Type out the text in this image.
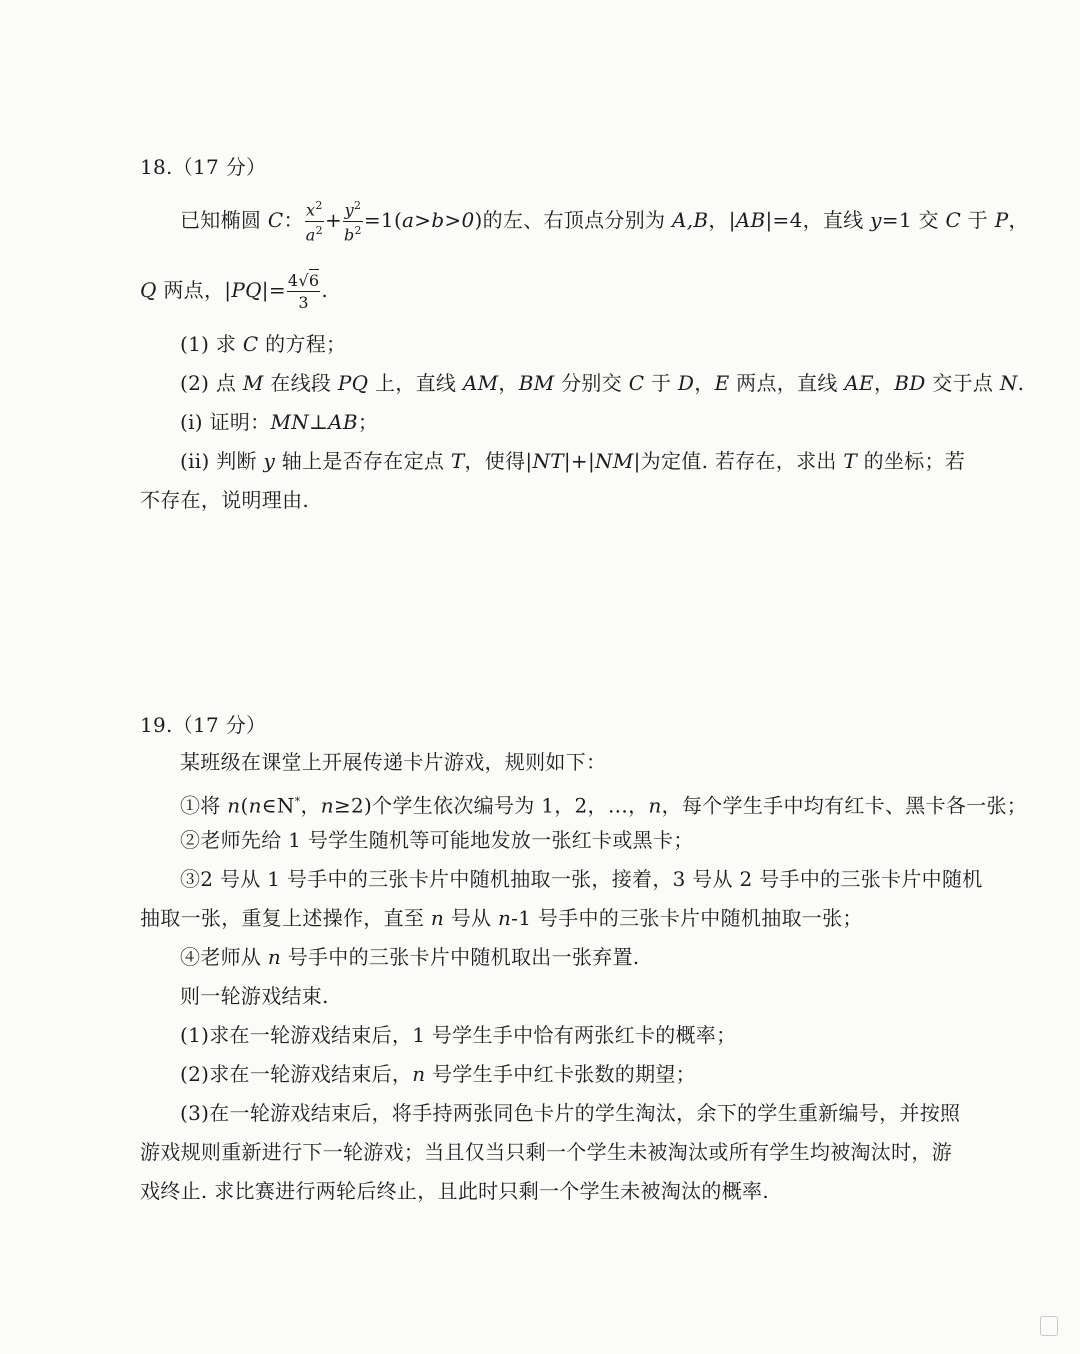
18.（17 分）
已知椭圆 C： $\frac{x^2}{a^2} + \frac{y^2}{b^2} =1(a>b>0)$的左、右顶点分别为 A,B，|AB|=4，直线 y=1 交 C 于 P，
Q 两点，$|PQ|= \frac{4√6}{3}$ .
(1) 求 C 的方程；
(2) 点 M 在线段 PQ 上，直线 AM，BM 分别交 C 于 D，E 两点，直线 AE，BD 交于点 N.
(i) 证明：MN⊥AB；
(ii) 判断 y 轴上是否存在定点 T，使得|NT|+|NM|为定值. 若存在，求出 T 的坐标；若
不存在，说明理由.
19.（17 分）
某班级在课堂上开展传递卡片游戏，规则如下：
①将 n(n∈N*，n≥2)个学生依次编号为 1，2，…，n，每个学生手中均有红卡、黑卡各一张；
②老师先给 1 号学生随机等可能地发放一张红卡或黑卡；
③2 号从 1 号手中的三张卡片中随机抽取一张，接着，3 号从 2 号手中的三张卡片中随机
抽取一张，重复上述操作，直至 n 号从 n-1 号手中的三张卡片中随机抽取一张；
④老师从 n 号手中的三张卡片中随机取出一张弃置.
则一轮游戏结束.
(1)求在一轮游戏结束后，1 号学生手中恰有两张红卡的概率；
(2)求在一轮游戏结束后，n 号学生手中红卡张数的期望；
(3)在一轮游戏结束后，将手持两张同色卡片的学生淘汰，余下的学生重新编号，并按照
游戏规则重新进行下一轮游戏；当且仅当只剩一个学生未被淘汰或所有学生均被淘汰时，游
戏终止. 求比赛进行两轮后终止，且此时只剩一个学生未被淘汰的概率.
